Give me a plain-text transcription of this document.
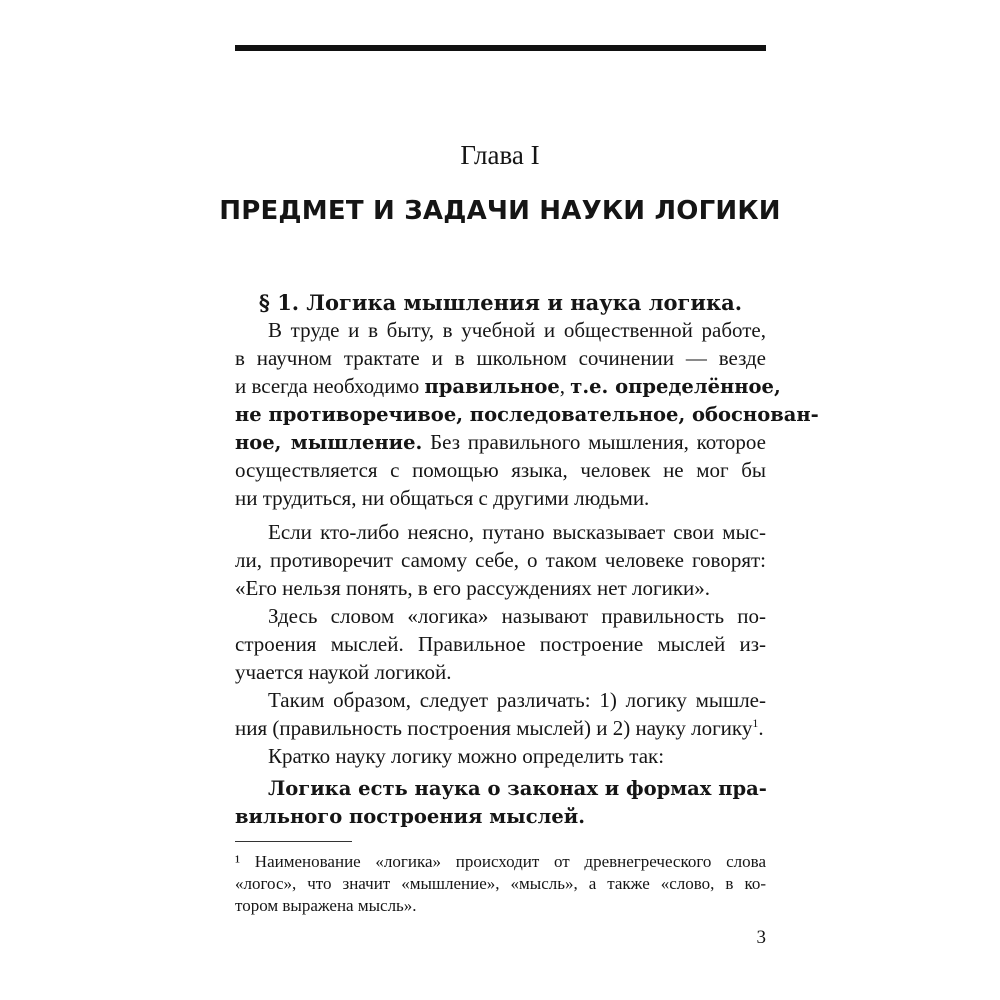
Глава I
ПРЕДМЕТ И ЗАДАЧИ НАУКИ ЛОГИКИ
§ 1. Логика мышления и наука логика.
В труде и в быту, в учебной и общественной работе,
в научном трактате и в школьном сочинении — везде
и всегда необходимо правильное, т.е. определённое,
не противоречивое, последовательное, обоснован-
ное, мышление. Без правильного мышления, которое
осуществляется с помощью языка, человек не мог бы
ни трудиться, ни общаться с другими людьми.
Если кто-либо неясно, путано высказывает свои мыс-
ли, противоречит самому себе, о таком человеке говорят:
«Его нельзя понять, в его рассуждениях нет логики».
Здесь словом «логика» называют правильность по-
строения мыслей. Правильное построение мыслей из-
учается наукой логикой.
Таким образом, следует различать: 1) логику мышле-
ния (правильность построения мыслей) и 2) науку логику$^1$.
Кратко науку логику можно определить так:
Логика есть наука о законах и формах пра-
вильного построения мыслей.
¹ Наименование «логика» происходит от древнегреческого слова
«логос», что значит «мышление», «мысль», а также «слово, в ко-
тором выражена мысль».
3
